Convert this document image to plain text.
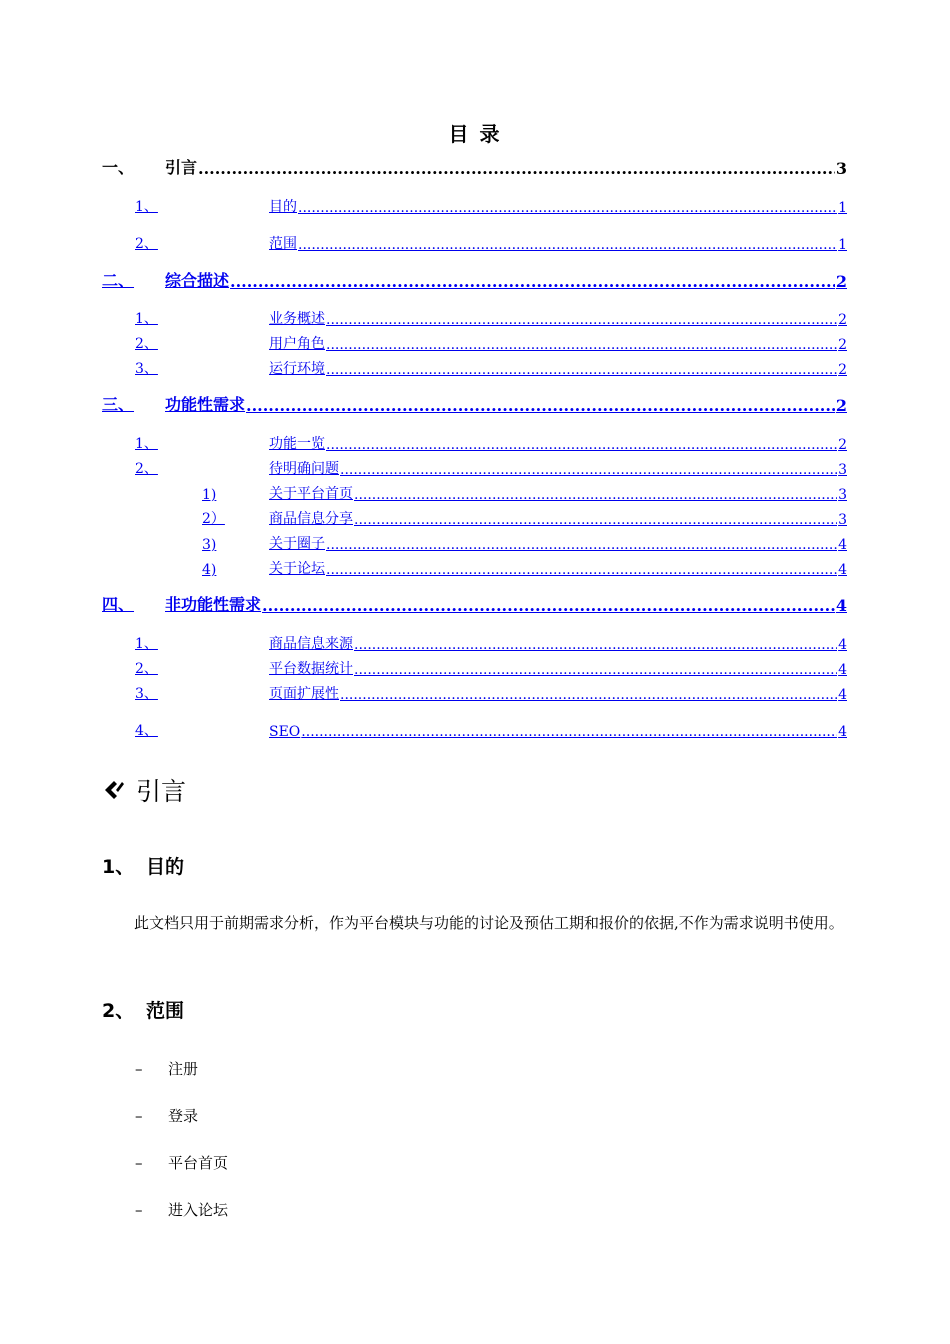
目 录
一、	引言 .....	3
1、	目的 .....	1
2、	范围 .....	1
二、	综合描述 .....	2
1、	业务概述 .....	2
2、	用户角色 .....	2
3、	运行环境 .....	2
三、	功能性需求 .....	2
1、	功能一览 .....	2
2、	待明确问题 .....	3
1)	关于平台首页 .....	3
2）	商品信息分享 .....	3
3)	关于圈子 .....	4
4)	关于论坛 .....	4
四、	非功能性需求 .....	4
1、	商品信息来源 .....	4
2、	平台数据统计 .....	4
3、	页面扩展性 .....	4
4、	SEO .....	4
引言
1、 目的
此文档只用于前期需求分析，作为平台模块与功能的讨论及预估工期和报价的依据,不作为需求说明书使用。
2、 范围
– 注册
– 登录
– 平台首页
– 进入论坛
